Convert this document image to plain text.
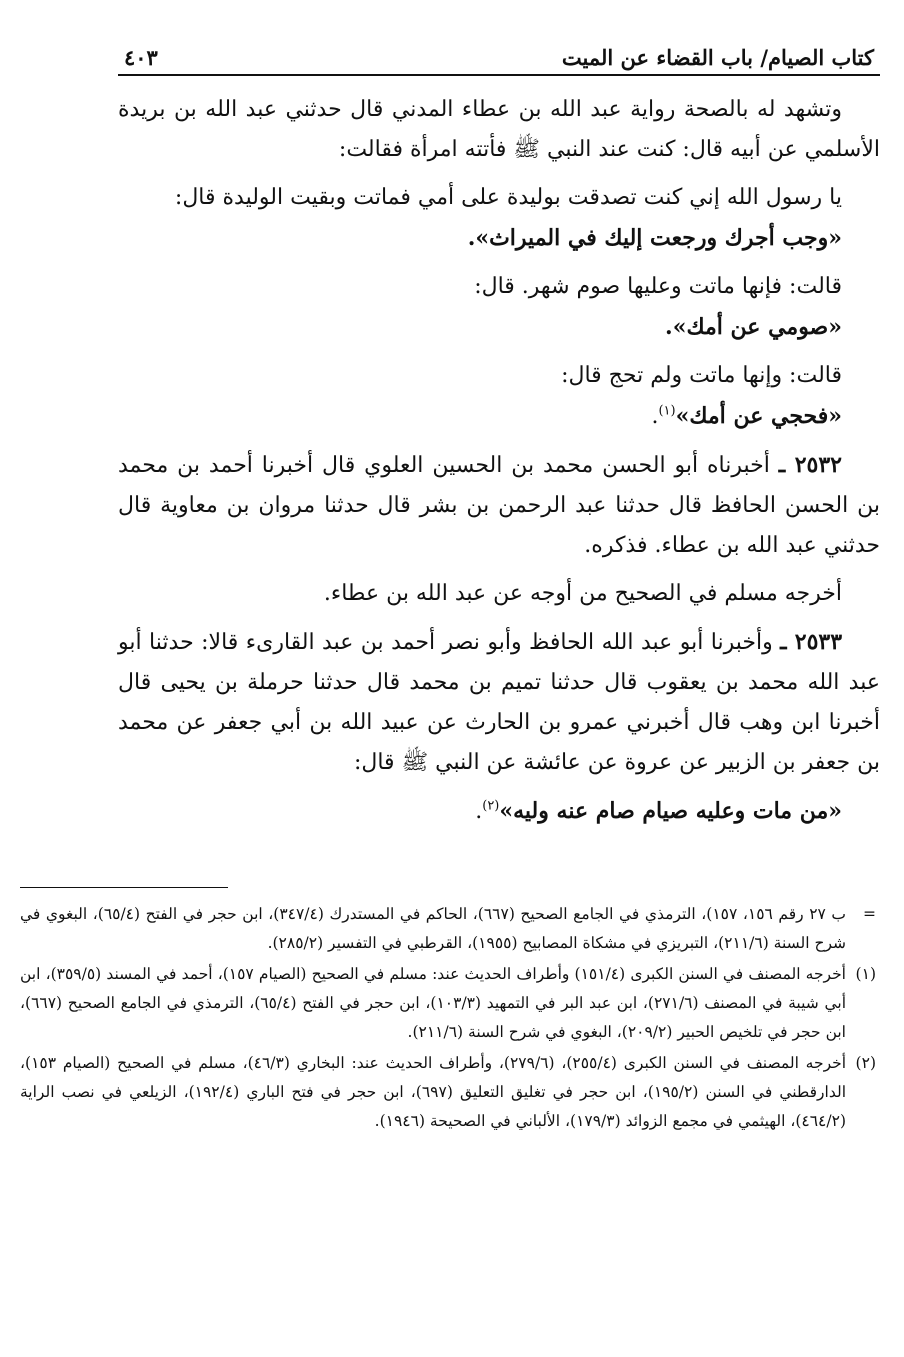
كتاب الصيام/ باب القضاء عن الميت
٤٠٣

وتشهد له بالصحة رواية عبد الله بن عطاء المدني قال حدثني عبد الله بن بريدة الأسلمي عن أبيه قال: كنت عند النبي ﷺ فأتته امرأة فقالت:

يا رسول الله إني كنت تصدقت بوليدة على أمي فماتت وبقيت الوليدة قال:
«وجب أجرك ورجعت إليك في الميراث».

قالت: فإنها ماتت وعليها صوم شهر. قال:
«صومي عن أمك».

قالت: وإنها ماتت ولم تحج قال:
«فحجي عن أمك»$^{(١)}$.

٢٥٣٢ ـ أخبرناه أبو الحسن محمد بن الحسين العلوي قال أخبرنا أحمد بن محمد بن الحسن الحافظ قال حدثنا عبد الرحمن بن بشر قال حدثنا مروان بن معاوية قال حدثني عبد الله بن عطاء. فذكره.

أخرجه مسلم في الصحيح من أوجه عن عبد الله بن عطاء.

٢٥٣٣ ـ وأخبرنا أبو عبد الله الحافظ وأبو نصر أحمد بن عبد القارىء قالا: حدثنا أبو عبد الله محمد بن يعقوب قال حدثنا تميم بن محمد قال حدثنا حرملة بن يحيى قال أخبرنا ابن وهب قال أخبرني عمرو بن الحارث عن عبيد الله بن أبي جعفر عن محمد بن جعفر بن الزبير عن عروة عن عائشة عن النبي ﷺ قال:

«من مات وعليه صيام صام عنه وليه»$^{(٢)}$.

=
ب ٢٧ رقم ١٥٦، ١٥٧)، الترمذي في الجامع الصحيح (٦٦٧)، الحاكم في المستدرك (٣٤٧/٤)، ابن حجر في الفتح (٦٥/٤)، البغوي في شرح السنة (٢١١/٦)، التبريزي في مشكاة المصابيح (١٩٥٥)، القرطبي في التفسير (٢٨٥/٢).
(١)
أخرجه المصنف في السنن الكبرى (١٥١/٤) وأطراف الحديث عند: مسلم في الصحيح (الصيام ١٥٧)، أحمد في المسند (٣٥٩/٥)، ابن أبي شيبة في المصنف (٢٧١/٦)، ابن عبد البر في التمهيد (١٠٣/٣)، ابن حجر في الفتح (٦٥/٤)، الترمذي في الجامع الصحيح (٦٦٧)، ابن حجر في تلخيص الحبير (٢٠٩/٢)، البغوي في شرح السنة (٢١١/٦).
(٢)
أخرجه المصنف في السنن الكبرى (٢٥٥/٤)، (٢٧٩/٦)، وأطراف الحديث عند: البخاري (٤٦/٣)، مسلم في الصحيح (الصيام ١٥٣)، الدارقطني في السنن (١٩٥/٢)، ابن حجر في تغليق التعليق (٦٩٧)، ابن حجر في فتح الباري (١٩٢/٤)، الزيلعي في نصب الراية (٤٦٤/٢)، الهيثمي في مجمع الزوائد (١٧٩/٣)، الألباني في الصحيحة (١٩٤٦).
